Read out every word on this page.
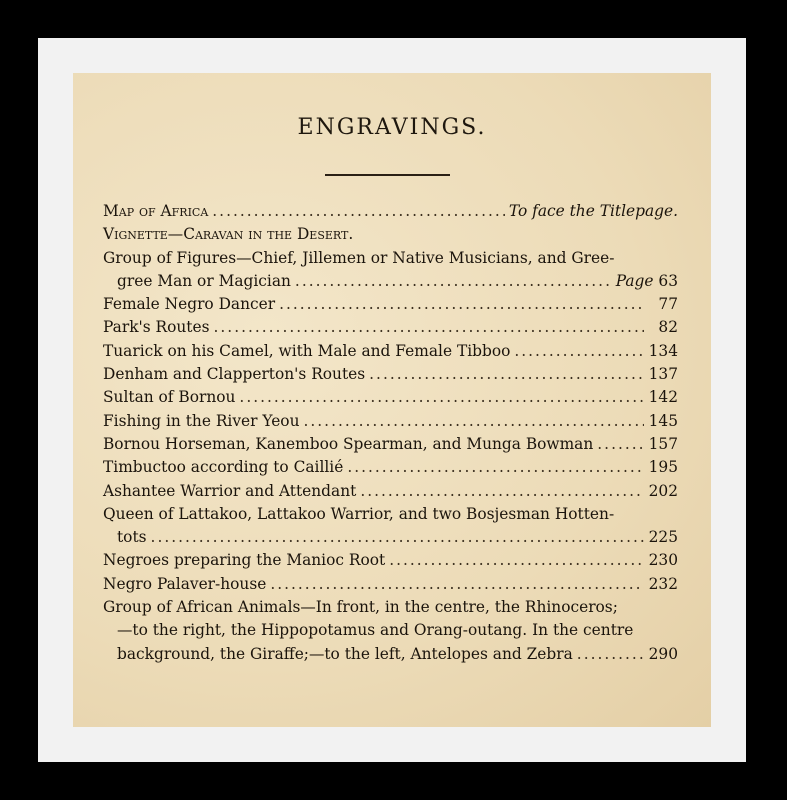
ENGRAVINGS.
Map of Africa .....	To face the Titlepage.
Vignette—Caravan in the Desert.
Group of Figures—Chief, Jillemen or Native Musicians, and Gree-
gree Man or Magician .....	Page 63
Female Negro Dancer .....	77
Park's Routes .....	82
Tuarick on his Camel, with Male and Female Tibboo .....	134
Denham and Clapperton's Routes .....	137
Sultan of Bornou .....	142
Fishing in the River Yeou .....	145
Bornou Horseman, Kanemboo Spearman, and Munga Bowman .....	157
Timbuctoo according to Caillié .....	195
Ashantee Warrior and Attendant .....	202
Queen of Lattakoo, Lattakoo Warrior, and two Bosjesman Hotten-
tots .....	225
Negroes preparing the Manioc Root .....	230
Negro Palaver-house .....	232
Group of African Animals—In front, in the centre, the Rhinoceros;
—to the right, the Hippopotamus and Orang-outang. In the centre
background, the Giraffe;—to the left, Antelopes and Zebra .....	290
